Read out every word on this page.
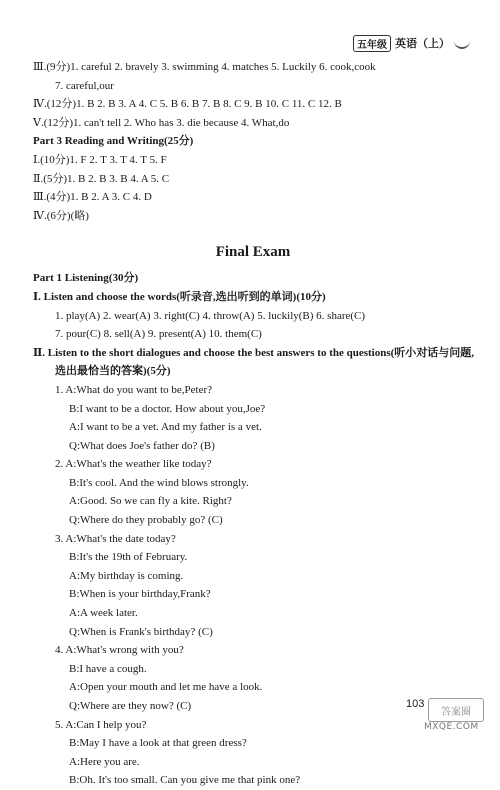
五年级 英语（上）
Ⅲ.(9分)1. careful 2. bravely 3. swimming 4. matches 5. Luckily 6. cook,cook
7. careful,our
Ⅳ.(12分)1. B 2. B 3. A 4. C 5. B 6. B 7. B 8. C 9. B 10. C 11. C 12. B
Ⅴ.(12分)1. can't tell 2. Who has 3. die because 4. What,do
Part 3 Reading and Writing(25分)
Ⅰ.(10分)1. F 2. T 3. T 4. T 5. F
Ⅱ.(5分)1. B 2. B 3. B 4. A 5. C
Ⅲ.(4分)1. B 2. A 3. C 4. D
Ⅳ.(6分)(略)
Final Exam
Part 1 Listening(30分)
Ⅰ. Listen and choose the words(听录音,选出听到的单词)(10分)
1. play(A) 2. wear(A) 3. right(C) 4. throw(A) 5. luckily(B) 6. share(C)
7. pour(C) 8. sell(A) 9. present(A) 10. them(C)
Ⅱ. Listen to the short dialogues and choose the best answers to the questions(听小对话与问题,
选出最恰当的答案)(5分)
1. A:What do you want to be,Peter?
B:I want to be a doctor. How about you,Joe?
A:I want to be a vet. And my father is a vet.
Q:What does Joe's father do? (B)
2. A:What's the weather like today?
B:It's cool. And the wind blows strongly.
A:Good. So we can fly a kite. Right?
Q:Where do they probably go? (C)
3. A:What's the date today?
B:It's the 19th of February.
A:My birthday is coming.
B:When is your birthday,Frank?
A:A week later.
Q:When is Frank's birthday? (C)
4. A:What's wrong with you?
B:I have a cough.
A:Open your mouth and let me have a look.
Q:Where are they now? (C)
5. A:Can I help you?
B:May I have a look at that green dress?
A:Here you are.
B:Oh. It's too small. Can you give me that pink one?
103
答案圈
MXQE.COM
